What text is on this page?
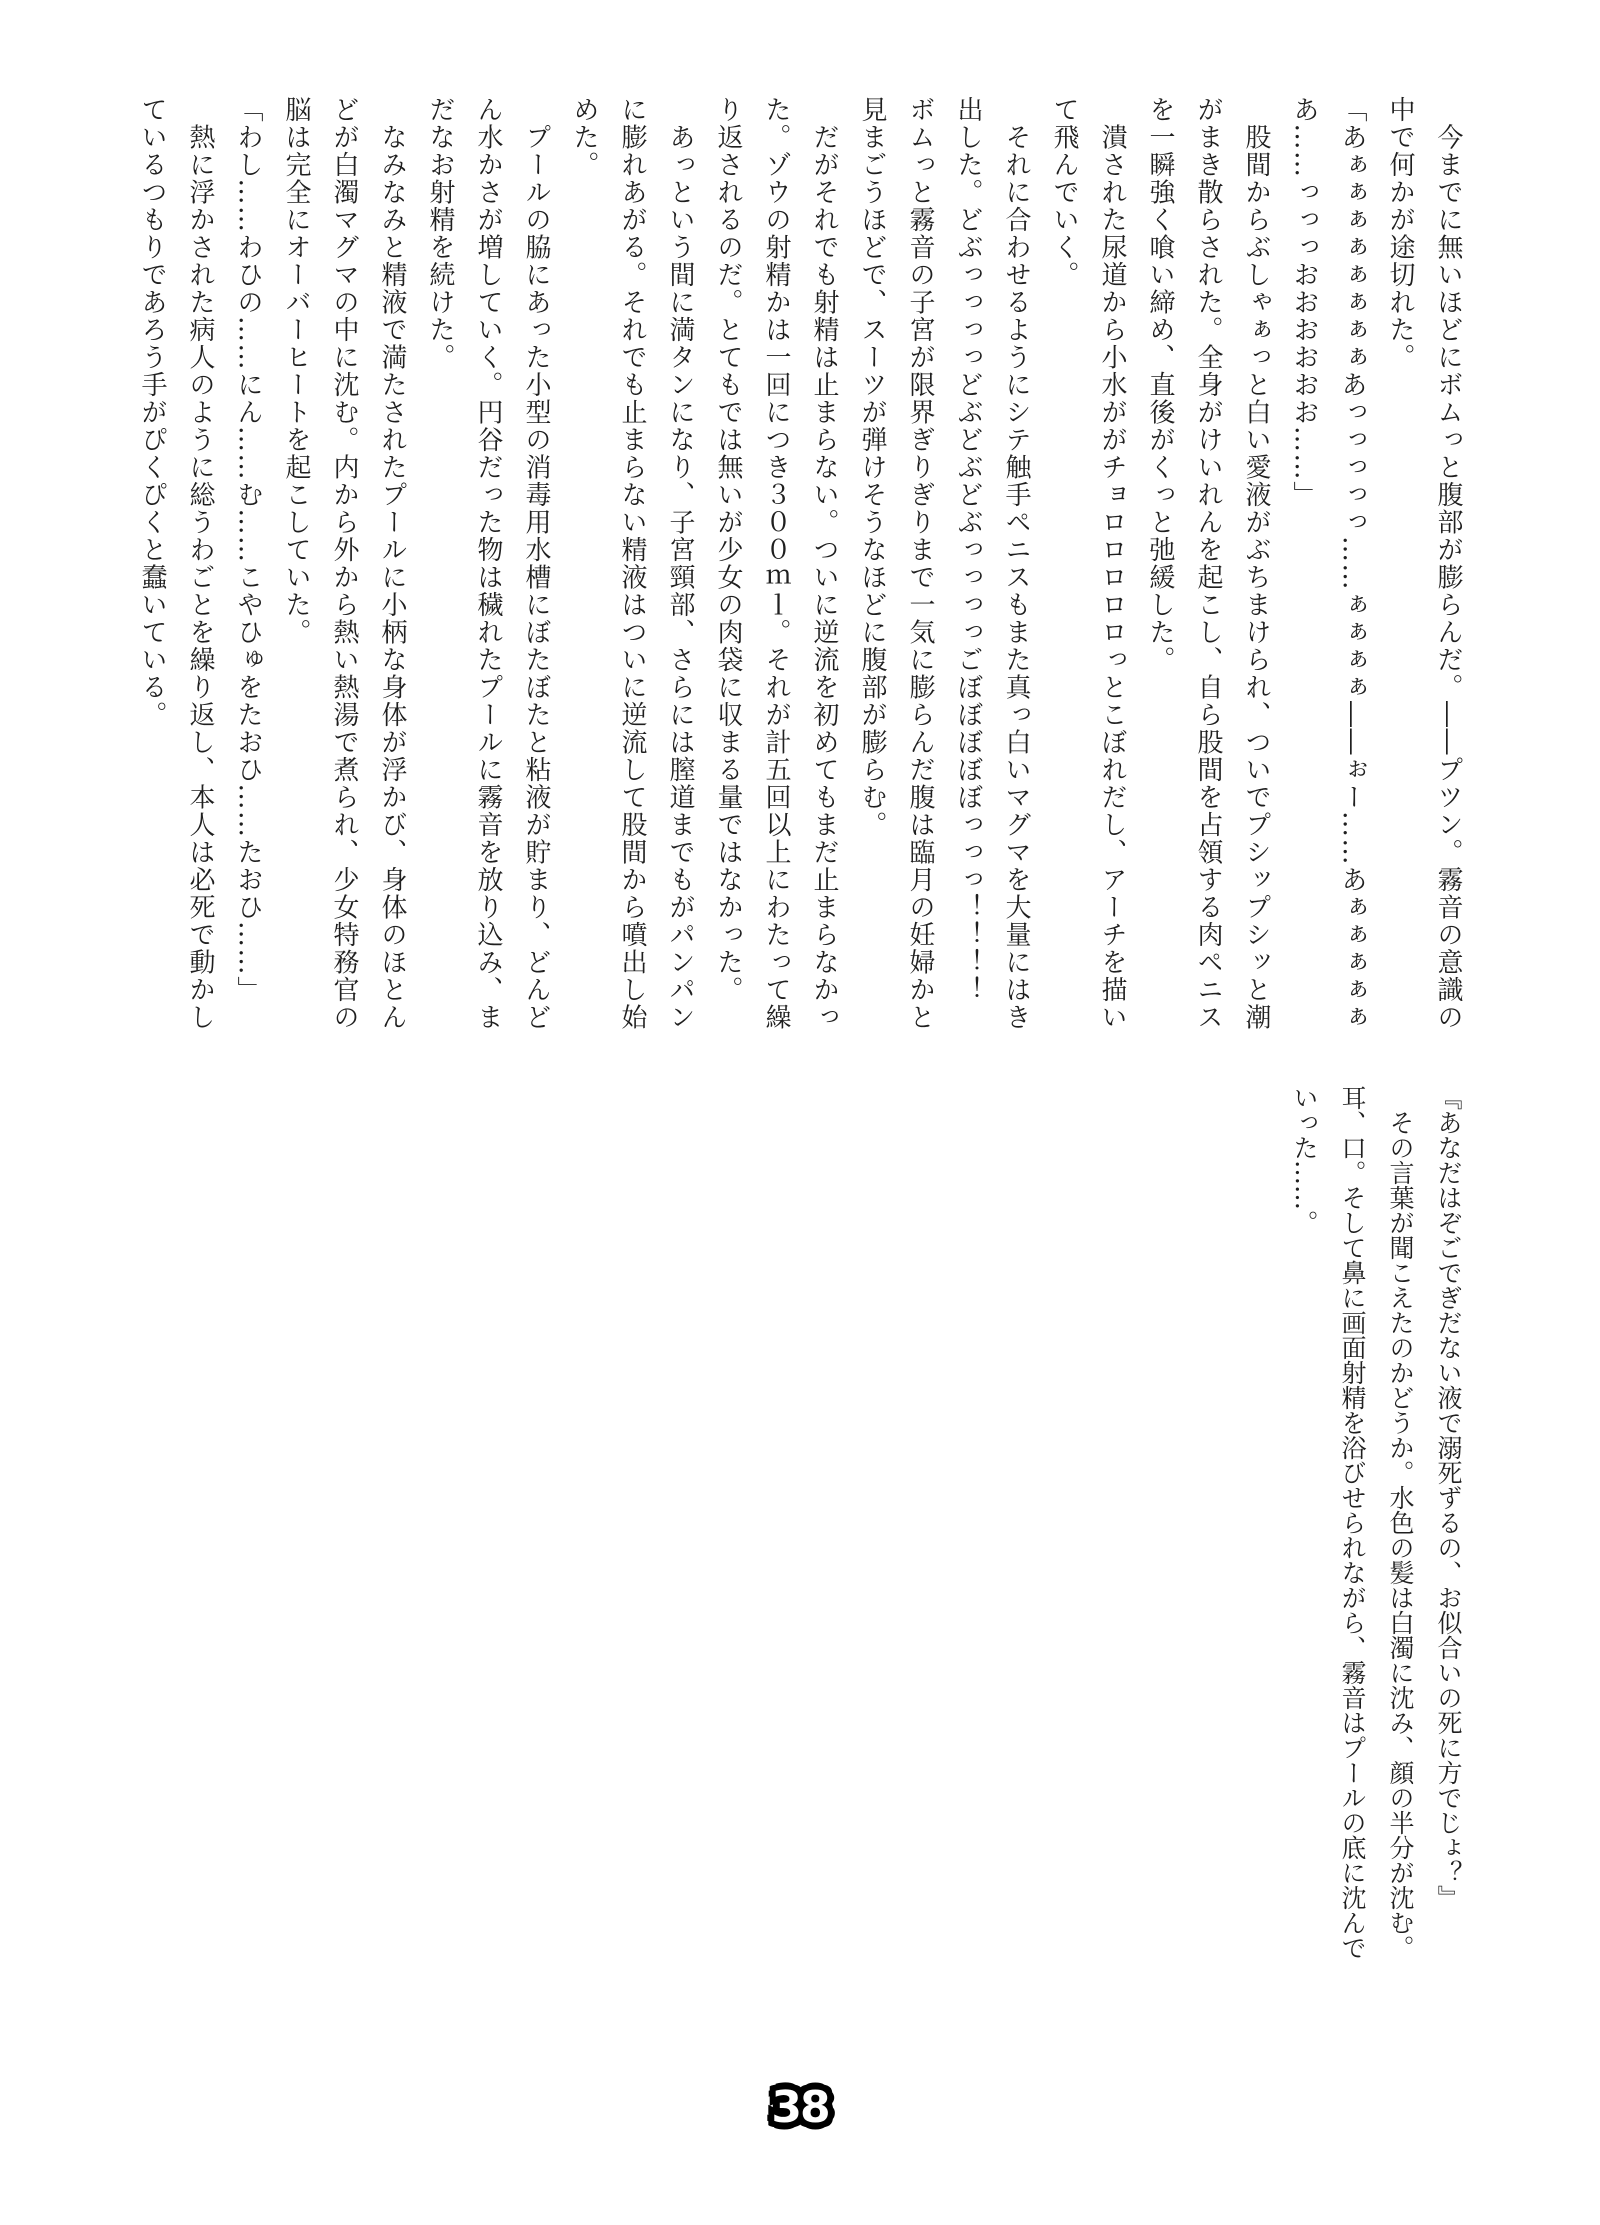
　今までに無いほどにボムっと腹部が膨らんだ。――プツン。霧音の意識の中で何かが途切れた。

「あぁぁぁぁぁぁぁぁあっっっっっ……ぁぁぁぁ――ぉー……あぁぁぁぁぁあ……っっっおおおおおお……」

　股間からぶしゃぁっと白い愛液がぶちまけられ、ついでプシップシッと潮がまき散らされた。全身がけいれんを起こし、自ら股間を占領する肉ペニスを一瞬強く喰い締め、直後がくっと弛緩した。

　潰された尿道から小水ががチョロロロロロっとこぼれだし、アーチを描いて飛んでいく。

　それに合わせるようにシテ触手ペニスもまた真っ白いマグマを大量にはき出した。どぶっっっっどぶどぶどぶっっっっごぼぼぼぼぼっっっ！！！！　ボムっと霧音の子宮が限界ぎりぎりまで一気に膨らんだ腹は臨月の妊婦かと見まごうほどで、スーツが弾けそうなほどに腹部が膨らむ。

　だがそれでも射精は止まらない。ついに逆流を初めてもまだ止まらなかった。ゾウの射精かは一回につき３００ｍｌ。それが計五回以上にわたって繰り返されるのだ。とてもでは無いが少女の肉袋に収まる量ではなかった。

　あっという間に満タンになり、子宮頸部、さらには膣道までもがパンパンに膨れあがる。それでも止まらない精液はついに逆流して股間から噴出し始めた。

　プールの脇にあった小型の消毒用水槽にぼたぼたと粘液が貯まり、どんどん水かさが増していく。円谷だった物は穢れたプールに霧音を放り込み、まだなお射精を続けた。

　なみなみと精液で満たされたプールに小柄な身体が浮かび、身体のほとんどが白濁マグマの中に沈む。内から外から熱い熱湯で煮られ、少女特務官の脳は完全にオーバーヒートを起こしていた。

「わし……わひの……にん……む……こやひゅをたおひ……たおひ……」

　熱に浮かされた病人のように総うわごとを繰り返し、本人は必死で動かしているつもりであろう手がぴくぴくと蠢いている。

『あなだはぞごでぎだない液で溺死ずるの、お似合いの死に方でじょ？』

　その言葉が聞こえたのかどうか。水色の髪は白濁に沈み、顔の半分が沈む。耳、口。そして鼻に画面射精を浴びせられながら、霧音はプールの底に沈んでいった……。

38
